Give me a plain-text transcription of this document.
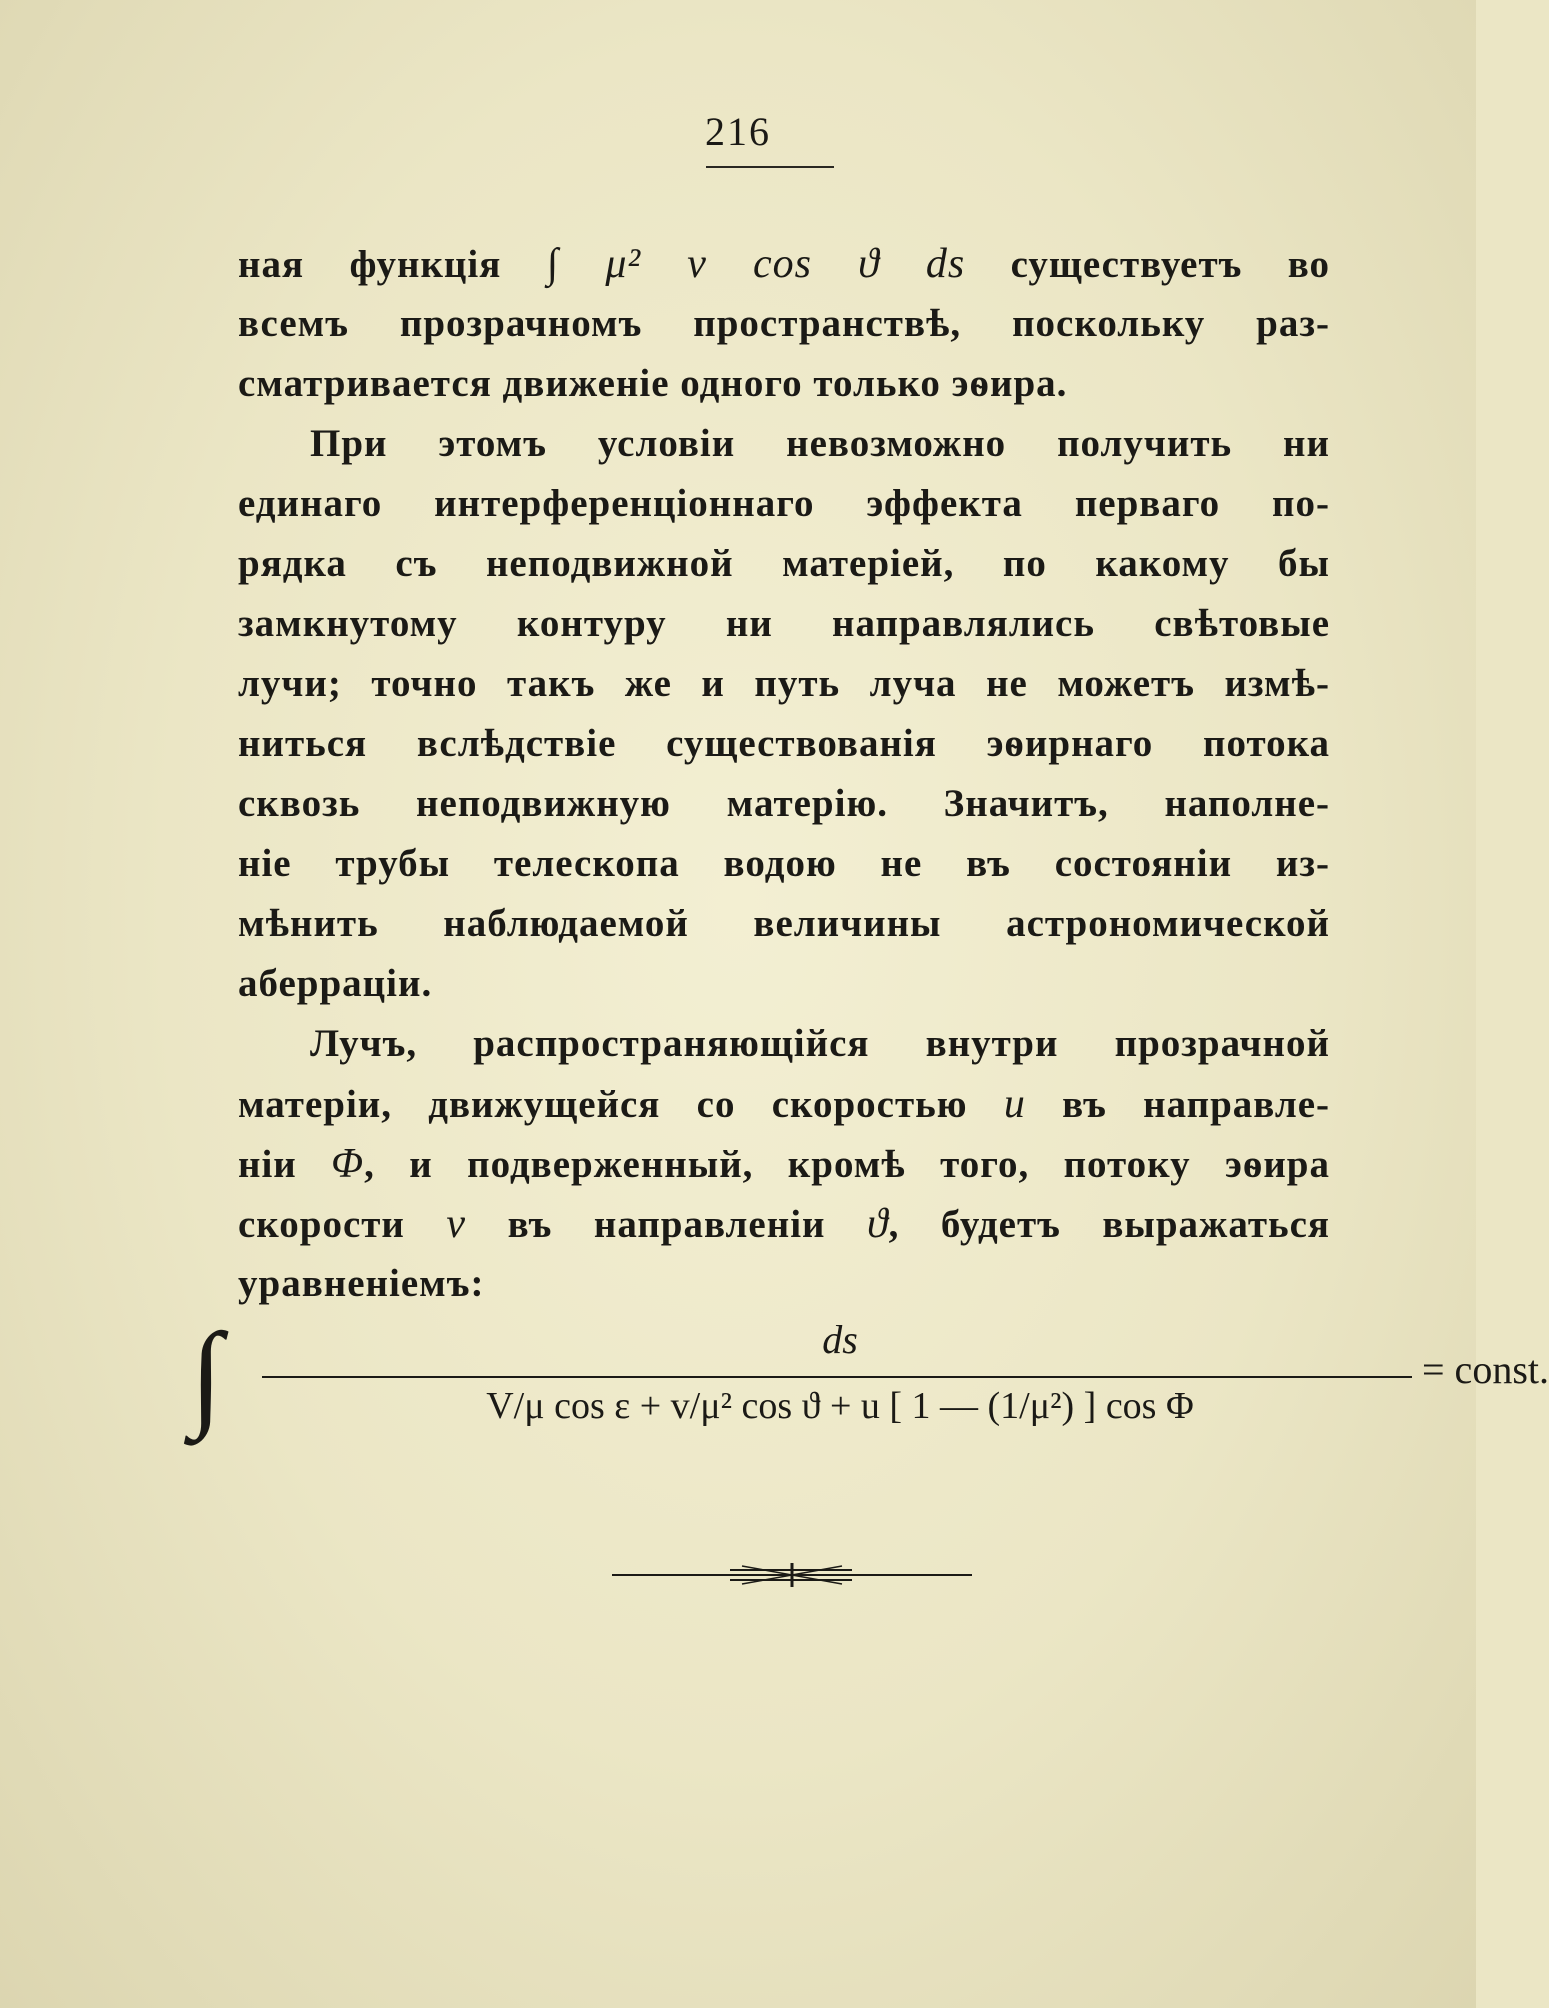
216
ная функція ∫ μ² v cos ϑ ds существуетъ во
всемъ прозрачномъ пространствѣ, поскольку раз-
сматривается движеніе одного только эѳира.
При этомъ условіи невозможно получить ни
единаго интерференціоннаго эффекта перваго по-
рядка съ неподвижной матеріей, по какому бы
замкнутому контуру ни направлялись свѣтовые
лучи; точно такъ же и путь луча не можетъ измѣ-
ниться вслѣдствіе существованія эѳирнаго потока
сквозь неподвижную матерію. Значитъ, наполне-
ніе трубы телескопа водою не въ состояніи из-
мѣнить наблюдаемой величины астрономической
аберраціи.
Лучъ, распространяющійся внутри прозрачной
матеріи, движущейся со скоростью u въ направле-
ніи Φ, и подверженный, кромѣ того, потоку эѳира
скорости v въ направленіи ϑ, будетъ выражаться
уравненіемъ:
∫	ds
V/μ cos ε + v/μ² cos ϑ + u [ 1 — (1/μ²) ] cos Φ
= const.
